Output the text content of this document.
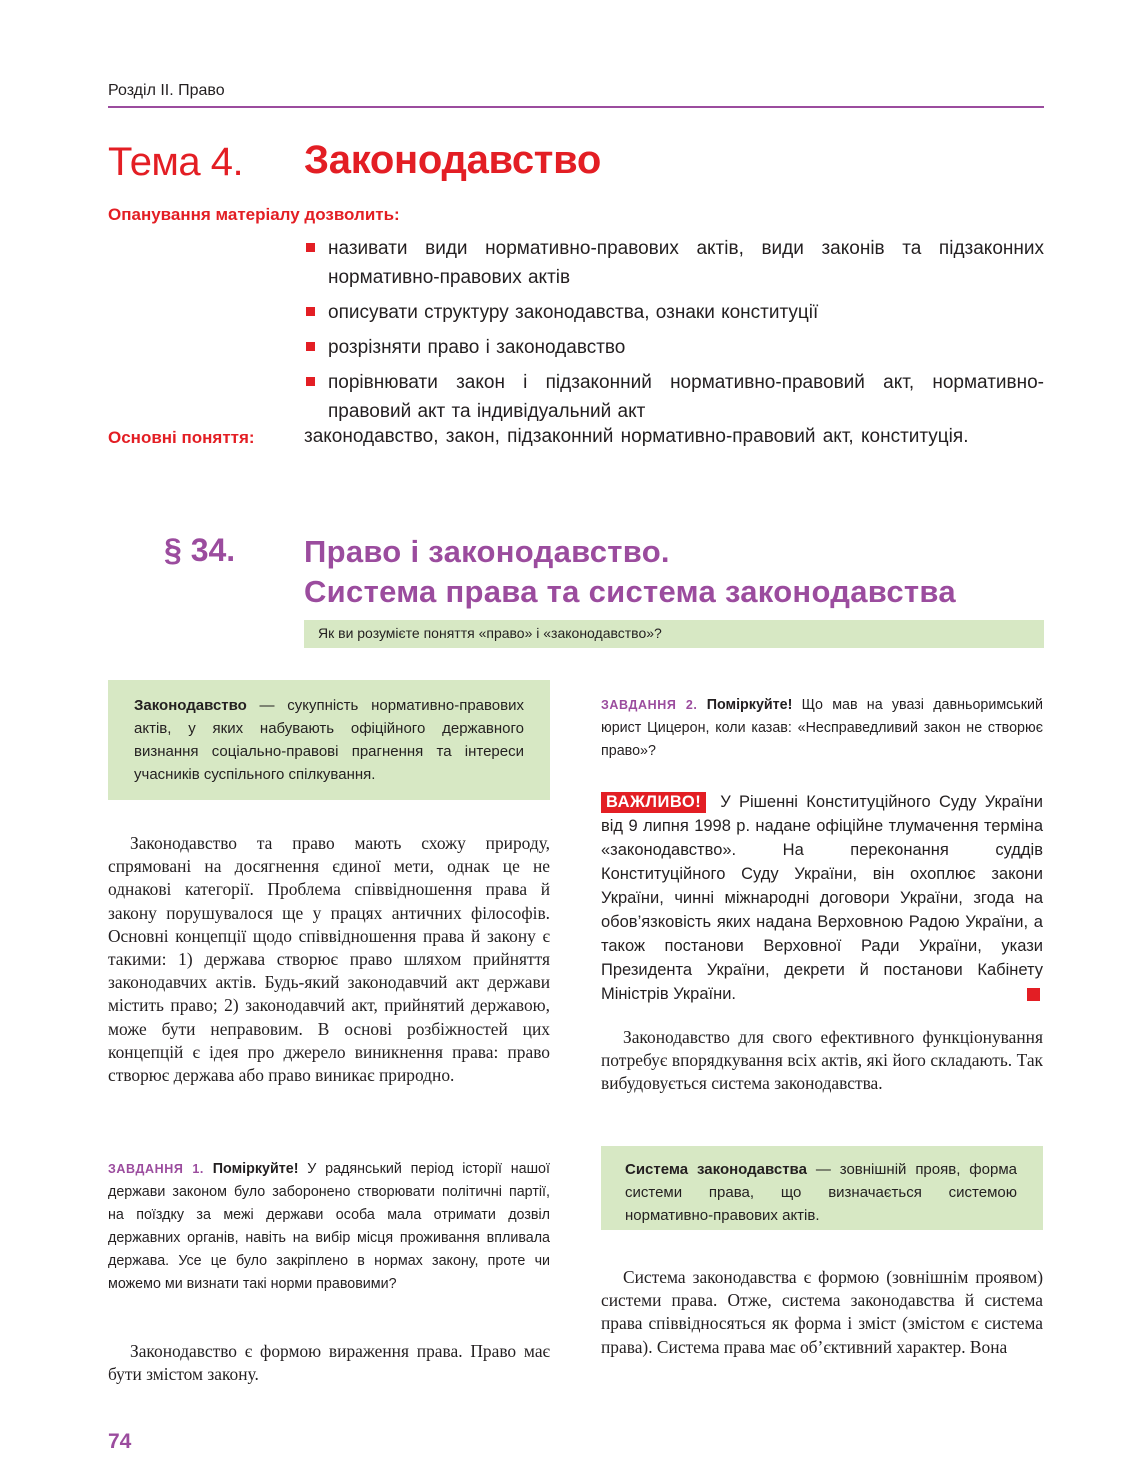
Розділ II. Право
Тема 4. Законодавство
Опанування матеріалу дозволить:
називати види нормативно-правових актів, види законів та підзаконних нормативно-правових актів
описувати структуру законодавства, ознаки конституції
розрізняти право і законодавство
порівнювати закон і підзаконний нормативно-правовий акт, нормативно-правовий акт та індивідуальний акт
Основні поняття:	законодавство, закон, підзаконний нормативно-правовий акт, конституція.
§ 34. Право і законодавство.
Система права та система законодавства
Як ви розумієте поняття «право» і «законодавство»?
Законодавство — сукупність нормативно-правових актів, у яких набувають офіційного державного визнання соціально-правові прагнення та інтереси учасників суспільного спілкування.
Законодавство та право мають схожу природу, спрямовані на досягнення єдиної мети, однак це не однакові категорії. Проблема співвідношення права й закону порушувалося ще у працях античних філософів. Основні концепції щодо співвідношення права й закону є такими: 1) держава створює право шляхом прийняття законодавчих актів. Будь-який законодавчий акт держави містить право; 2) законодавчий акт, прийнятий державою, може бути неправовим. В основі розбіжностей цих концепцій є ідея про джерело виникнення права: право створює держава або право виникає природно.
ЗАВДАННЯ 1. Поміркуйте! У радянський період історії нашої держави законом було заборонено створювати політичні партії, на поїздку за межі держави особа мала отримати дозвіл державних органів, навіть на вибір місця проживання впливала держава. Усе це було закріплено в нормах закону, проте чи можемо ми визнати такі норми правовими?
Законодавство є формою вираження права. Право має бути змістом закону.
ЗАВДАННЯ 2. Поміркуйте! Що мав на увазі давньоримський юрист Цицерон, коли казав: «Несправедливий закон не створює право»?
ВАЖЛИВО! У Рішенні Конституційного Суду України від 9 липня 1998 р. надане офіційне тлумачення терміна «законодавство». На переконання суддів Конституційного Суду України, він охоплює закони України, чинні міжнародні договори України, згода на обов’язковість яких надана Верховною Радою України, а також постанови Верховної Ради України, укази Президента України, декрети й постанови Кабінету Міністрів України.
Законодавство для свого ефективного функціонування потребує впорядкування всіх актів, які його складають. Так вибудовується система законодавства.
Система законодавства — зовнішній прояв, форма системи права, що визначається системою нормативно-правових актів.
Система законодавства є формою (зовнішнім проявом) системи права. Отже, система законодавства й система права співвідносяться як форма і зміст (змістом є система права). Система права має об’єктивний характер. Вона
74
